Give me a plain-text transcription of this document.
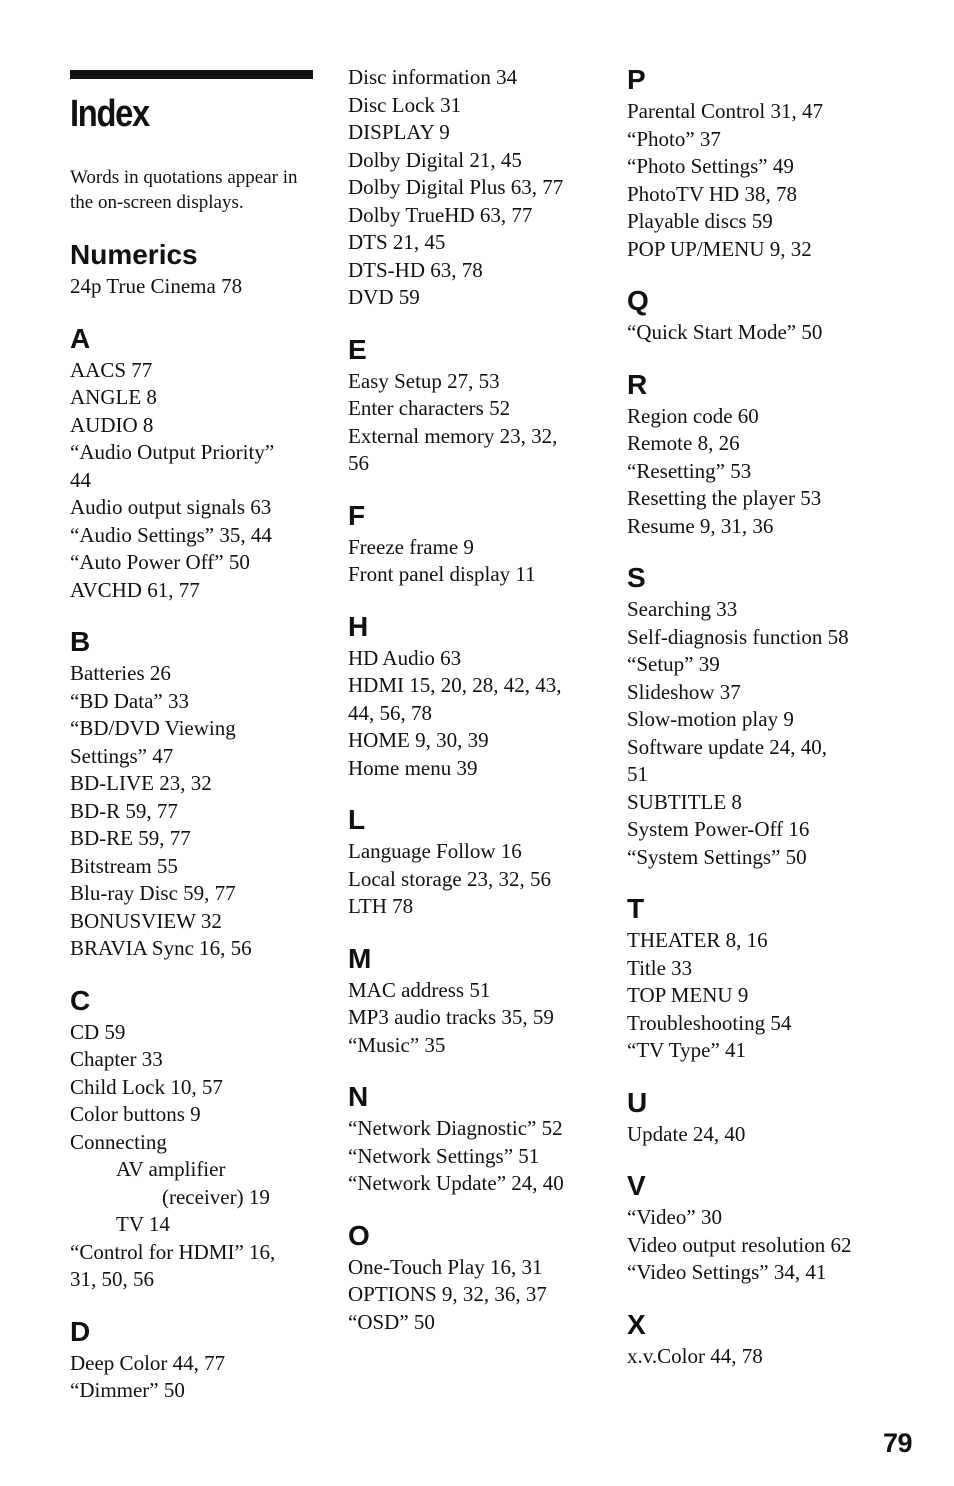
Index
Words in quotations appear in the on-screen displays.
Numerics
24p True Cinema 78
A
AACS 77
ANGLE 8
AUDIO 8
“Audio Output Priority”
44
Audio output signals 63
“Audio Settings” 35, 44
“Auto Power Off” 50
AVCHD 61, 77
B
Batteries 26
“BD Data” 33
“BD/DVD Viewing
Settings” 47
BD-LIVE 23, 32
BD-R 59, 77
BD-RE 59, 77
Bitstream 55
Blu-ray Disc 59, 77
BONUSVIEW 32
BRAVIA Sync 16, 56
C
CD 59
Chapter 33
Child Lock 10, 57
Color buttons 9
Connecting
AV amplifier
(receiver) 19
TV 14
“Control for HDMI” 16,
31, 50, 56
D
Deep Color 44, 77
“Dimmer” 50
Disc information 34
Disc Lock 31
DISPLAY 9
Dolby Digital 21, 45
Dolby Digital Plus 63, 77
Dolby TrueHD 63, 77
DTS 21, 45
DTS-HD 63, 78
DVD 59
E
Easy Setup 27, 53
Enter characters 52
External memory 23, 32,
56
F
Freeze frame 9
Front panel display 11
H
HD Audio 63
HDMI 15, 20, 28, 42, 43,
44, 56, 78
HOME 9, 30, 39
Home menu 39
L
Language Follow 16
Local storage 23, 32, 56
LTH 78
M
MAC address 51
MP3 audio tracks 35, 59
“Music” 35
N
“Network Diagnostic” 52
“Network Settings” 51
“Network Update” 24, 40
O
One-Touch Play 16, 31
OPTIONS 9, 32, 36, 37
“OSD” 50
P
Parental Control 31, 47
“Photo” 37
“Photo Settings” 49
PhotoTV HD 38, 78
Playable discs 59
POP UP/MENU 9, 32
Q
“Quick Start Mode” 50
R
Region code 60
Remote 8, 26
“Resetting” 53
Resetting the player 53
Resume 9, 31, 36
S
Searching 33
Self-diagnosis function 58
“Setup” 39
Slideshow 37
Slow-motion play 9
Software update 24, 40,
51
SUBTITLE 8
System Power-Off 16
“System Settings” 50
T
THEATER 8, 16
Title 33
TOP MENU 9
Troubleshooting 54
“TV Type” 41
U
Update 24, 40
V
“Video” 30
Video output resolution 62
“Video Settings” 34, 41
X
x.v.Color 44, 78
79
